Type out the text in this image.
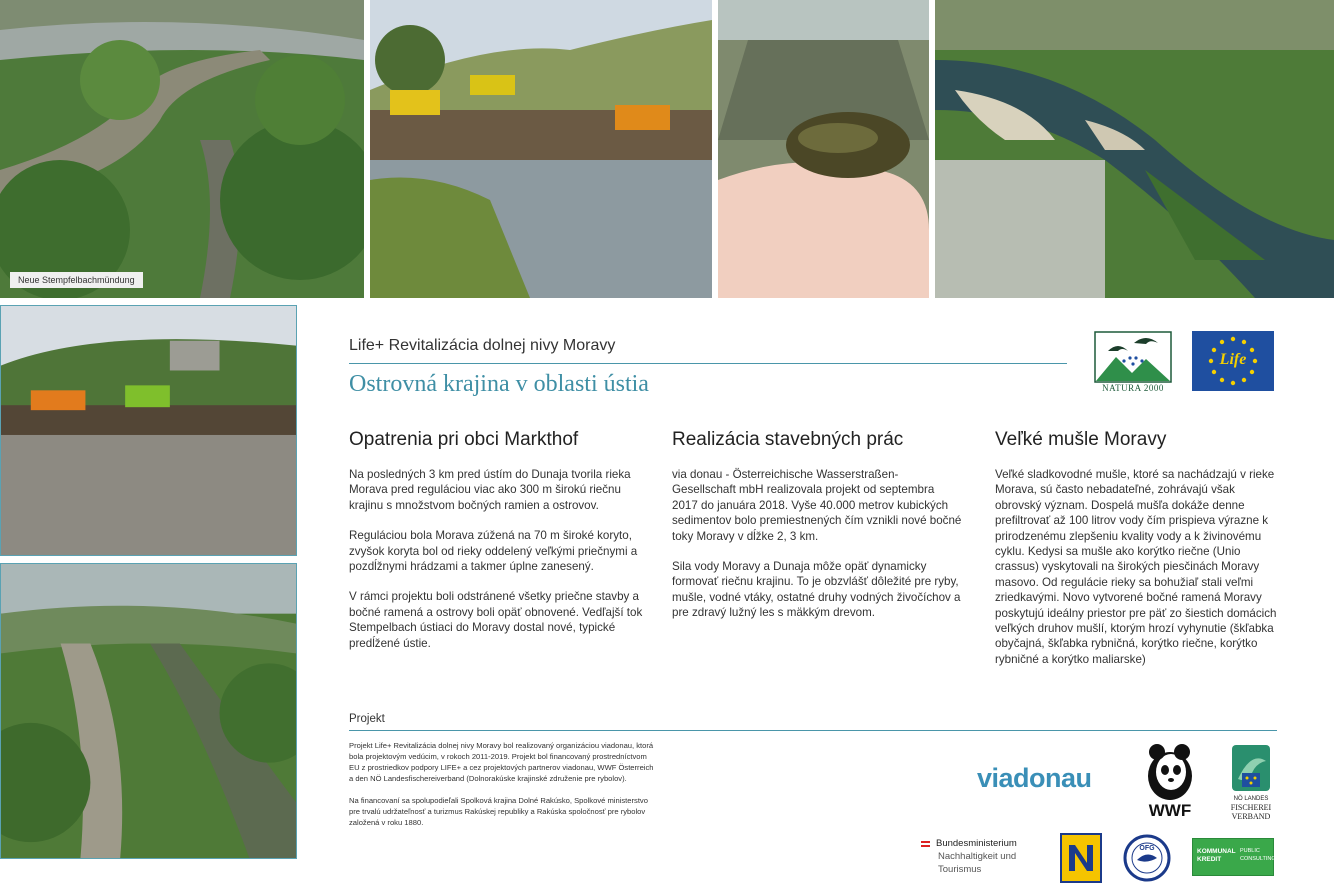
Neue Stempfelbachmündung
Life+ Revitalizácia dolnej nivy Moravy
Ostrovná krajina v oblasti ústia	NATURA 2000
Life
Opatrenia pri obci Markthof

Na posledných 3 km pred ústím do Dunaja tvorila rieka Morava pred reguláciou viac ako 300 m širokú riečnu krajinu s množstvom bočných ramien a ostrovov.

Reguláciou bola Morava zúžená na 70 m široké koryto, zvyšok koryta bol od rieky oddelený veľkými priečnymi a pozdĺžnymi hrádzami a takmer úplne zanesený.

V rámci projektu boli odstránené všetky priečne stavby a bočné ramená a ostrovy boli opäť obnovené. Vedľajší tok Stempelbach ústiaci do Moravy dostal nové, typické predĺžené ústie.

Realizácia stavebných prác

via donau - Österreichische Wasserstraßen-Gesellschaft mbH realizovala projekt od septembra 2017 do januára 2018. Vyše 40.000 metrov kubických sedimentov bolo premiestnených čím vznikli nové bočné toky Moravy v dĺžke 2, 3 km.

Sila vody Moravy a Dunaja môže opäť dynamicky formovať riečnu krajinu. To je obzvlášť dôležité pre ryby, mušle, vodné vtáky, ostatné druhy vodných živočíchov a pre zdravý lužný les s mäkkým drevom.

Veľké mušle Moravy

Veľké sladkovodné mušle, ktoré sa nachádzajú v rieke Morava, sú často nebadateľné, zohrávajú však obrovský význam. Dospelá mušľa dokáže denne prefiltrovať až 100 litrov vody čím prispieva výrazne k prirodzenému zlepšeniu kvality vody a k živinovému cyklu. Kedysi sa mušle ako korýtko riečne (Unio crassus) vyskytovali na širokých piesčinách Moravy masovo. Od regulácie rieky sa bohužiaľ stali veľmi zriedkavými. Novo vytvorené bočné ramená Moravy poskytujú ideálny priestor pre päť zo šiestich domácich veľkých druhov mušlí, ktorým hrozí vyhynutie (škľabka obyčajná, škľabka rybničná, korýtko riečne, korýtko rybničné a korýtko maliarske)

Projekt

Projekt Life+ Revitalizácia dolnej nivy Moravy bol realizovaný organizáciou viadonau, ktorá bola projektovým vedúcim, v rokoch 2011-2019. Projekt bol financovaný prostredníctvom EU z prostriedkov podpory LIFE+ a cez projektových partnerov viadonau, WWF Österreich a den NÖ Landesfischereiverband (Dolnorakúske krajinské združenie pre rybolov).

Na financovaní sa spolupodieľali Spolková krajina Dolné Rakúsko, Spolkové ministerstvo pre trvalú udržateľnosť a turizmus Rakúskej republiky a Rakúska spoločnosť pre rybolov založená v roku 1880.

viadonau
WWF
NÖ LANDES
FISCHEREI
VERBAND
Bundesministerium
Nachhaltigkeit und
Tourismus
ÖFG	KOMMUNAL
KREDIT
PUBLIC
CONSULTING
